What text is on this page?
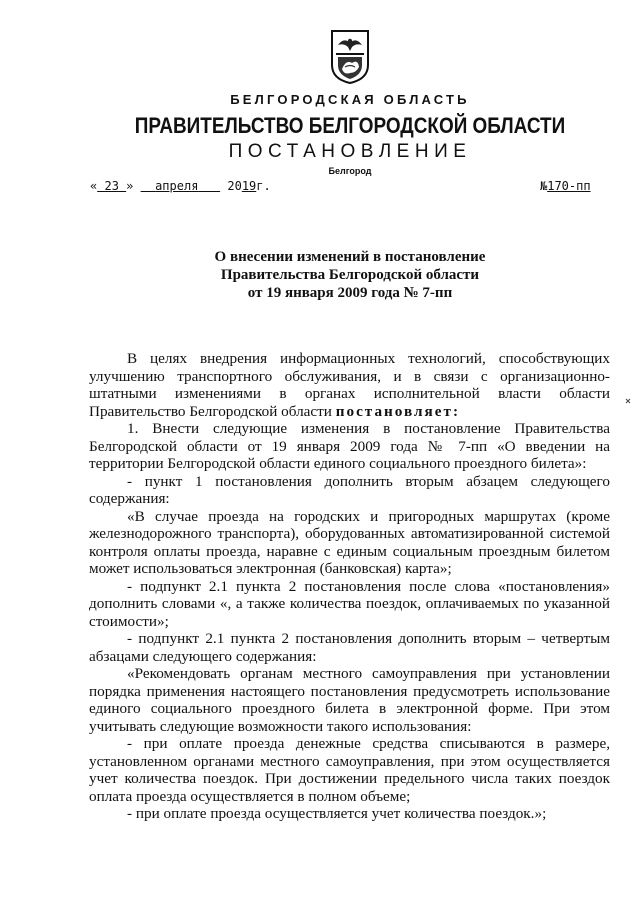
БЕЛГОРОДСКАЯ ОБЛАСТЬ
ПРАВИТЕЛЬСТВО БЕЛГОРОДСКОЙ ОБЛАСТИ
ПОСТАНОВЛЕНИЕ
Белгород
« 23 » апреля 2019г.	№170-пп
О внесении изменений в постановление
Правительства Белгородской области
от 19 января 2009 года № 7-пп

В целях внедрения информационных технологий, способствующих улучшению транспортного обслуживания, и в связи с организационно-штатными изменениями в органах исполнительной власти области Правительство Белгородской области постановляет:

1. Внести следующие изменения в постановление Правительства Белгородской области от 19 января 2009 года № 7-пп «О введении на территории Белгородской области единого социального проездного билета»:

- пункт 1 постановления дополнить вторым абзацем следующего содержания:

«В случае проезда на городских и пригородных маршрутах (кроме железнодорожного транспорта), оборудованных автоматизированной системой контроля оплаты проезда, наравне с единым социальным проездным билетом может использоваться электронная (банковская) карта»;

- подпункт 2.1 пункта 2 постановления после слова «постановления» дополнить словами «, а также количества поездок, оплачиваемых по указанной стоимости»;

- подпункт 2.1 пункта 2 постановления дополнить вторым – четвертым абзацами следующего содержания:

«Рекомендовать органам местного самоуправления при установлении порядка применения настоящего постановления предусмотреть использование единого социального проездного билета в электронной форме. При этом учитывать следующие возможности такого использования:

- при оплате проезда денежные средства списываются в размере, установленном органами местного самоуправления, при этом осуществляется учет количества поездок. При достижении предельного числа таких поездок оплата проезда осуществляется в полном объеме;

- при оплате проезда осуществляется учет количества поездок.»;
